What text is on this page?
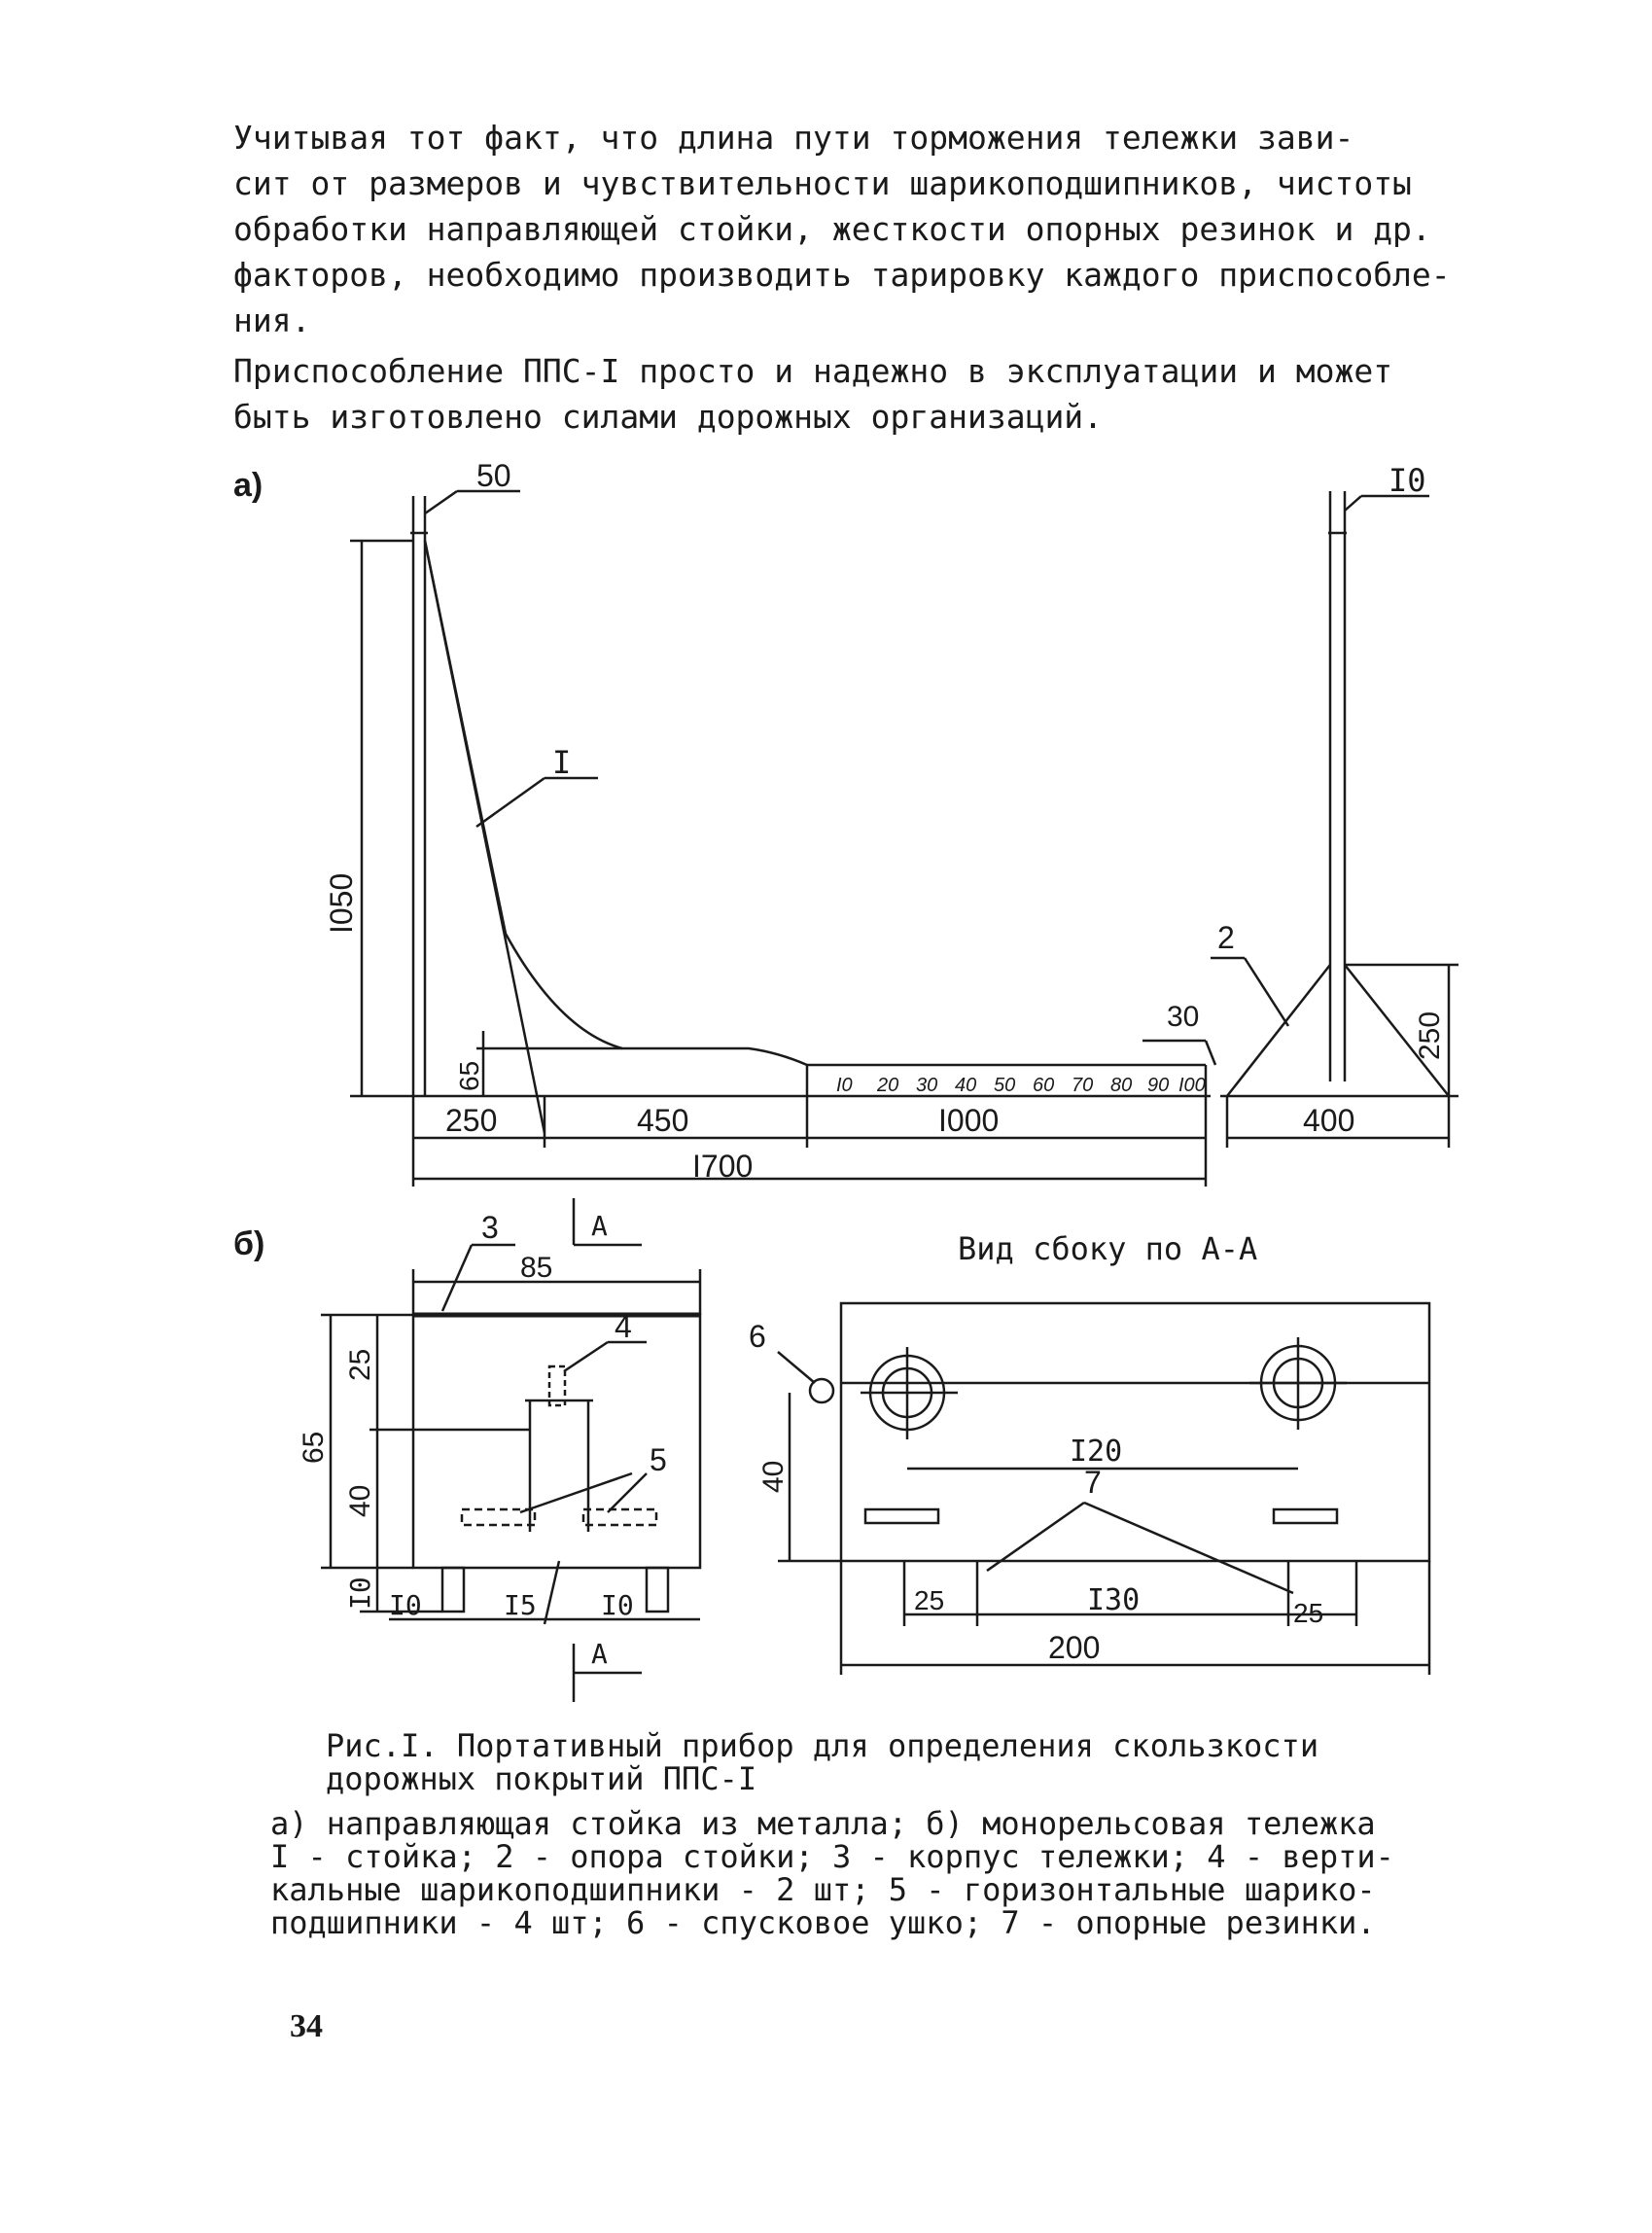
Учитывая тот факт, что длина пути торможения тележки зави-
сит от размеров и чувствительности шарикоподшипников, чистоты
обработки направляющей стойки, жесткости опорных резинок и др.
факторов, необходимо производить тарировку каждого приспособле-
ния.

Приспособление ППС-I просто и надежно в эксплуатации и может
быть изготовлено силами дорожных организаций.

а)	50
I
I050
65	I0 20 30 40 50 60 70 80 90 I00
30
250	450	I000
I700
I0
2
250
400
б)
85
3	А
А
4
5
65
25
40
I0 I0	I5 I0
Вид сбоку по А-А
6
I20
40	7
25	I30	25
200

Рис.I. Портативный прибор для определения скользкости
дорожных покрытий ППС-I

а) направляющая стойка из металла; б) монорельсовая тележка
I - стойка; 2 - опора стойки; 3 - корпус тележки; 4 - верти-
кальные шарикоподшипники - 2 шт; 5 - горизонтальные шарико-
подшипники - 4 шт; 6 - спусковое ушко; 7 - опорные резинки.

34
